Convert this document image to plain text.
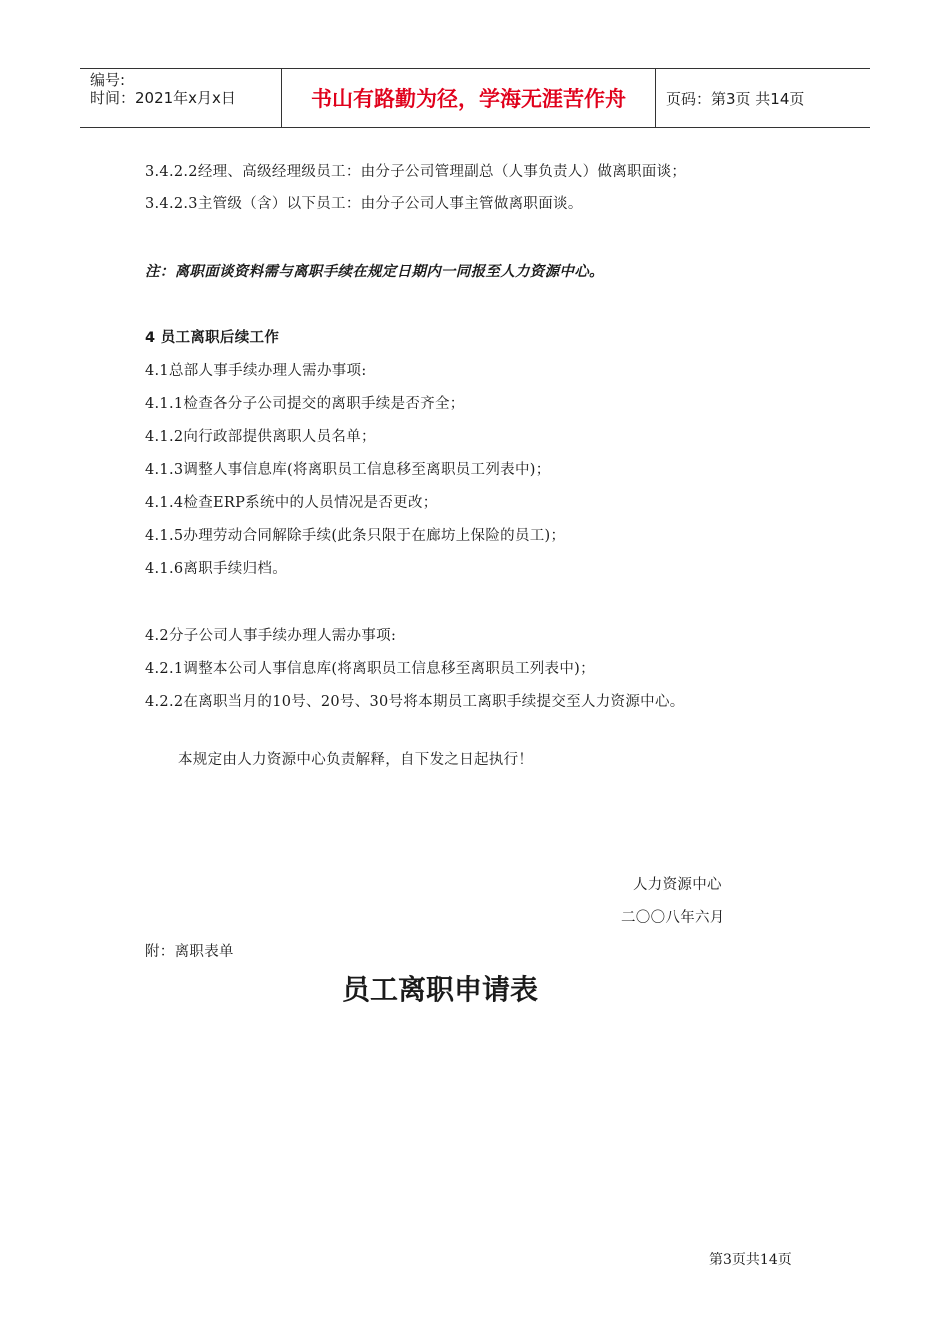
编号:
时间：2021年x月x日	书山有路勤为径，学海无涯苦作舟	页码：第3页 共14页
3.4.2.2经理、高级经理级员工：由分子公司管理副总（人事负责人）做离职面谈；
3.4.2.3主管级（含）以下员工：由分子公司人事主管做离职面谈。
注：离职面谈资料需与离职手续在规定日期内一同报至人力资源中心。
4 员工离职后续工作
4.1总部人事手续办理人需办事项:
4.1.1检查各分子公司提交的离职手续是否齐全；
4.1.2向行政部提供离职人员名单；
4.1.3调整人事信息库(将离职员工信息移至离职员工列表中)；
4.1.4检查ERP系统中的人员情况是否更改；
4.1.5办理劳动合同解除手续(此条只限于在廊坊上保险的员工)；
4.1.6离职手续归档。
4.2分子公司人事手续办理人需办事项:
4.2.1调整本公司人事信息库(将离职员工信息移至离职员工列表中)；
4.2.2在离职当月的10号、20号、30号将本期员工离职手续提交至人力资源中心。
本规定由人力资源中心负责解释，自下发之日起执行！
人力资源中心
二〇〇八年六月
附：离职表单
员工离职申请表
第3页共14页
